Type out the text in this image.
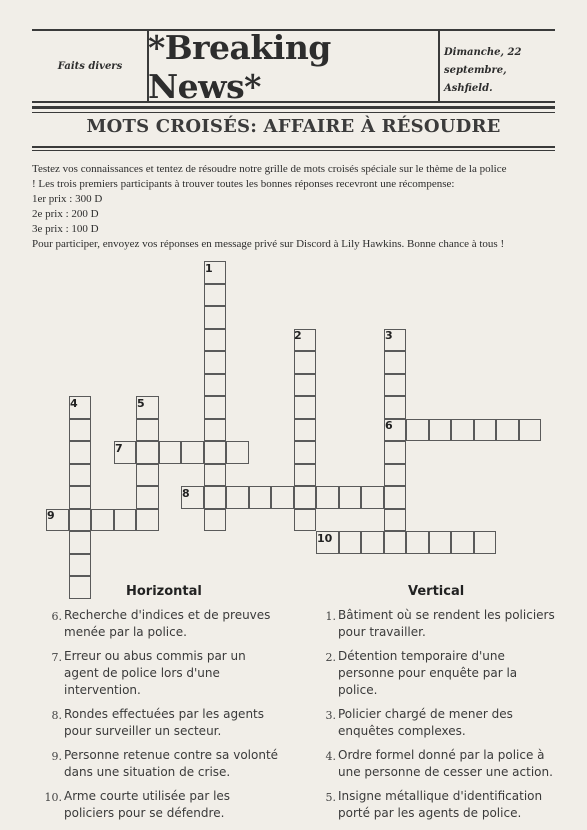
Faits divers *Breaking News*
Dimanche, 22
septembre, Ashfield.
MOTS CROISÉS: AFFAIRE À RÉSOUDRE
Testez vos connaissances et tentez de résoudre notre grille de mots croisés spéciale sur le thème de la police
! Les trois premiers participants à trouver toutes les bonnes réponses recevront une récompense:
1er prix : 300 D
2e prix : 200 D
3e prix : 100 D
Pour participer, envoyez vos réponses en message privé sur Discord à Lily Hawkins. Bonne chance à tous !
1
2	3
4	5
6
7
8
9
10
Horizontal	Vertical
6. Recherche d'indices et de preuves
menée par la police.
7. Erreur ou abus commis par un
agent de police lors d'une
intervention.
8. Rondes effectuées par les agents
pour surveiller un secteur.
9. Personne retenue contre sa volonté
dans une situation de crise.
10. Arme courte utilisée par les
policiers pour se défendre.
1. Bâtiment où se rendent les policiers
pour travailler.
2. Détention temporaire d'une
personne pour enquête par la
police.
3. Policier chargé de mener des
enquêtes complexes.
4. Ordre formel donné par la police à
une personne de cesser une action.
5. Insigne métallique d'identification
porté par les agents de police.
